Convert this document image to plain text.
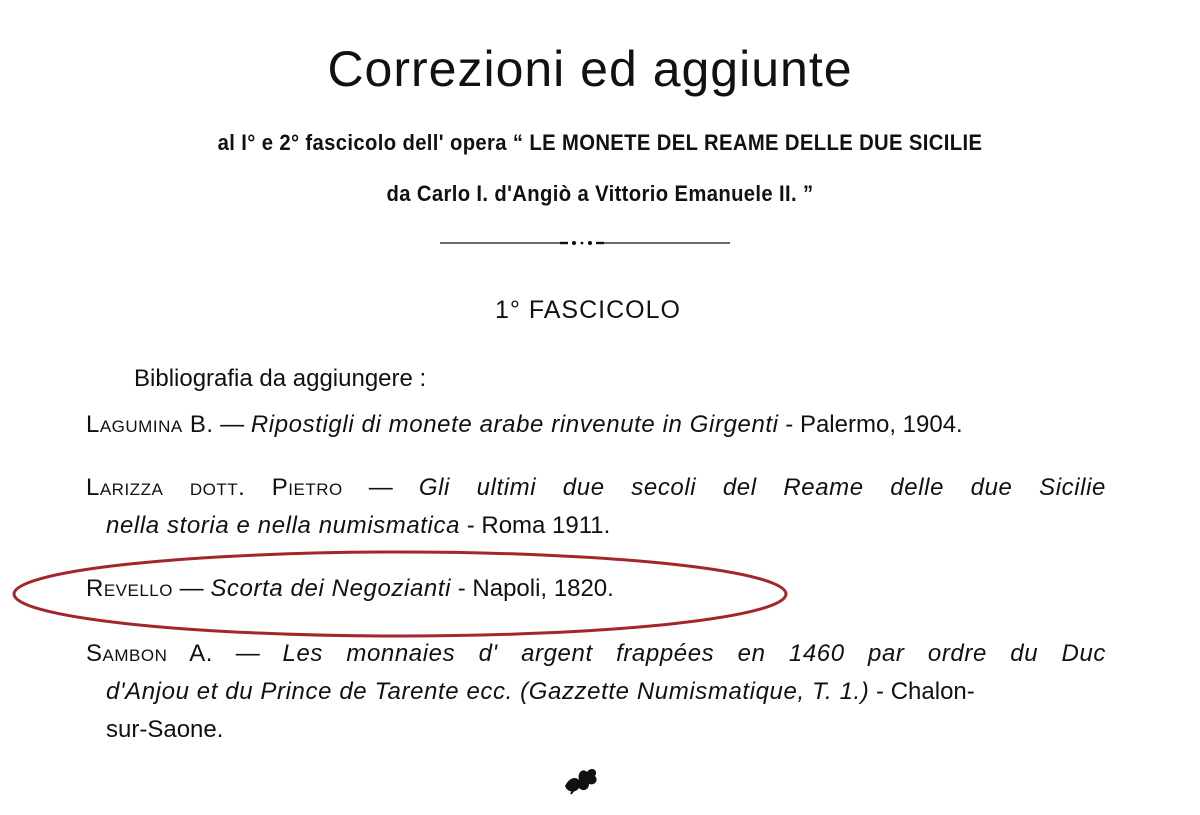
Correzioni ed aggiunte
al I° e 2° fascicolo dell' opera “ LE MONETE DEL REAME DELLE DUE SICILIE
da Carlo I. d'Angiò a Vittorio Emanuele II. ”
1° FASCICOLO
Bibliografia da aggiungere :
Lagumina B. — Ripostigli di monete arabe rinvenute in Girgenti - Palermo, 1904.
Larizza dott. Pietro — Gli ultimi due secoli del Reame delle due Sicilie
nella storia e nella numismatica - Roma 1911.
Revello — Scorta dei Negozianti - Napoli, 1820.
Sambon A. — Les monnaies d' argent frappées en 1460 par ordre du Duc
d'Anjou et du Prince de Tarente ecc. (Gazzette Numismatique, T. 1.) - Chalon-
sur-Saone.
